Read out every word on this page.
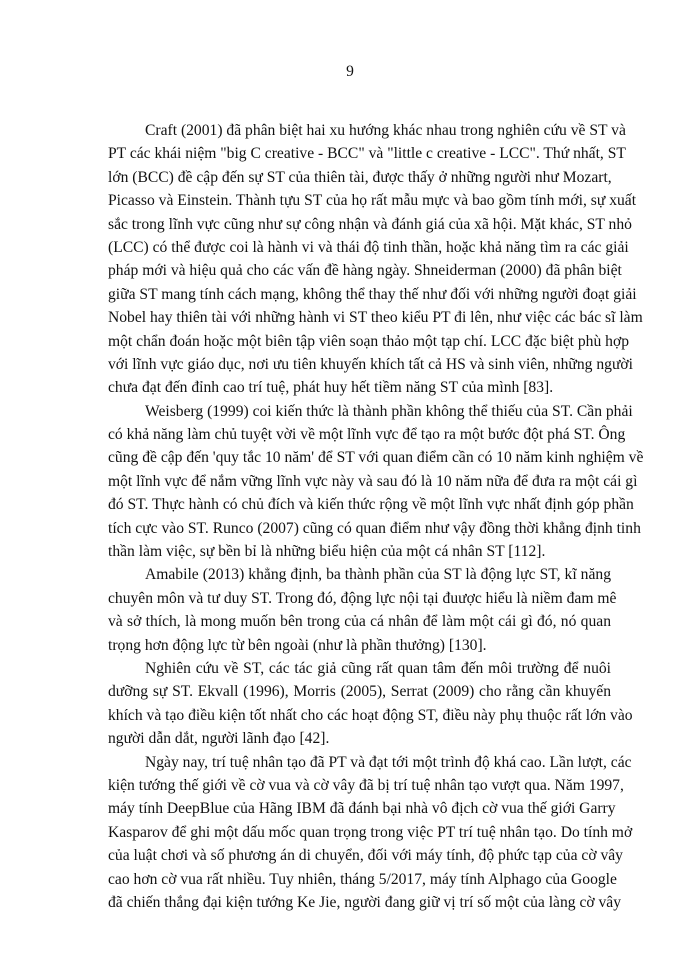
9
Craft (2001) đã phân biệt hai xu hướng khác nhau trong nghiên cứu về ST và
PT các khái niệm "big C creative - BCC" và "little c creative - LCC". Thứ nhất, ST
lớn (BCC) đề cập đến sự ST của thiên tài, được thấy ở những người như Mozart,
Picasso và Einstein. Thành tựu ST của họ rất mẫu mực và bao gồm tính mới, sự xuất
sắc trong lĩnh vực cũng như sự công nhận và đánh giá của xã hội. Mặt khác, ST nhỏ
(LCC) có thể được coi là hành vi và thái độ tinh thần, hoặc khả năng tìm ra các giải
pháp mới và hiệu quả cho các vấn đề hàng ngày. Shneiderman (2000) đã phân biệt
giữa ST mang tính cách mạng, không thể thay thế như đối với những người đoạt giải
Nobel hay thiên tài với những hành vi ST theo kiểu PT đi lên, như việc các bác sĩ làm
một chẩn đoán hoặc một biên tập viên soạn thảo một tạp chí. LCC đặc biệt phù hợp
với lĩnh vực giáo dục, nơi ưu tiên khuyến khích tất cả HS và sinh viên, những người
chưa đạt đến đỉnh cao trí tuệ, phát huy hết tiềm năng ST của mình [83].
Weisberg (1999) coi kiến thức là thành phần không thể thiếu của ST. Cần phải
có khả năng làm chủ tuyệt vời về một lĩnh vực để tạo ra một bước đột phá ST. Ông
cũng đề cập đến 'quy tắc 10 năm' để ST với quan điểm cần có 10 năm kinh nghiệm về
một lĩnh vực để nắm vững lĩnh vực này và sau đó là 10 năm nữa để đưa ra một cái gì
đó ST. Thực hành có chủ đích và kiến thức rộng về một lĩnh vực nhất định góp phần
tích cực vào ST. Runco (2007) cũng có quan điểm như vậy đồng thời khẳng định tinh
thần làm việc, sự bền bỉ là những biểu hiện của một cá nhân ST [112].
Amabile (2013) khẳng định, ba thành phần của ST là động lực ST, kĩ năng
chuyên môn và tư duy ST. Trong đó, động lực nội tại đuược hiểu là niềm đam mê
và sở thích, là mong muốn bên trong của cá nhân để làm một cái gì đó, nó quan
trọng hơn động lực từ bên ngoài (như là phần thưởng) [130].
Nghiên cứu về ST, các tác giả cũng rất quan tâm đến môi trường để nuôi
dưỡng sự ST. Ekvall (1996), Morris (2005), Serrat (2009) cho rằng cần khuyến
khích và tạo điều kiện tốt nhất cho các hoạt động ST, điều này phụ thuộc rất lớn vào
người dẫn dắt, người lãnh đạo [42].
Ngày nay, trí tuệ nhân tạo đã PT và đạt tới một trình độ khá cao. Lần lượt, các
kiện tướng thế giới về cờ vua và cờ vây đã bị trí tuệ nhân tạo vượt qua. Năm 1997,
máy tính DeepBlue của Hãng IBM đã đánh bại nhà vô địch cờ vua thế giới Garry
Kasparov để ghi một dấu mốc quan trọng trong việc PT trí tuệ nhân tạo. Do tính mở
của luật chơi và số phương án di chuyển, đối với máy tính, độ phức tạp của cờ vây
cao hơn cờ vua rất nhiều. Tuy nhiên, tháng 5/2017, máy tính Alphago của Google
đã chiến thắng đại kiện tướng Ke Jie, người đang giữ vị trí số một của làng cờ vây
